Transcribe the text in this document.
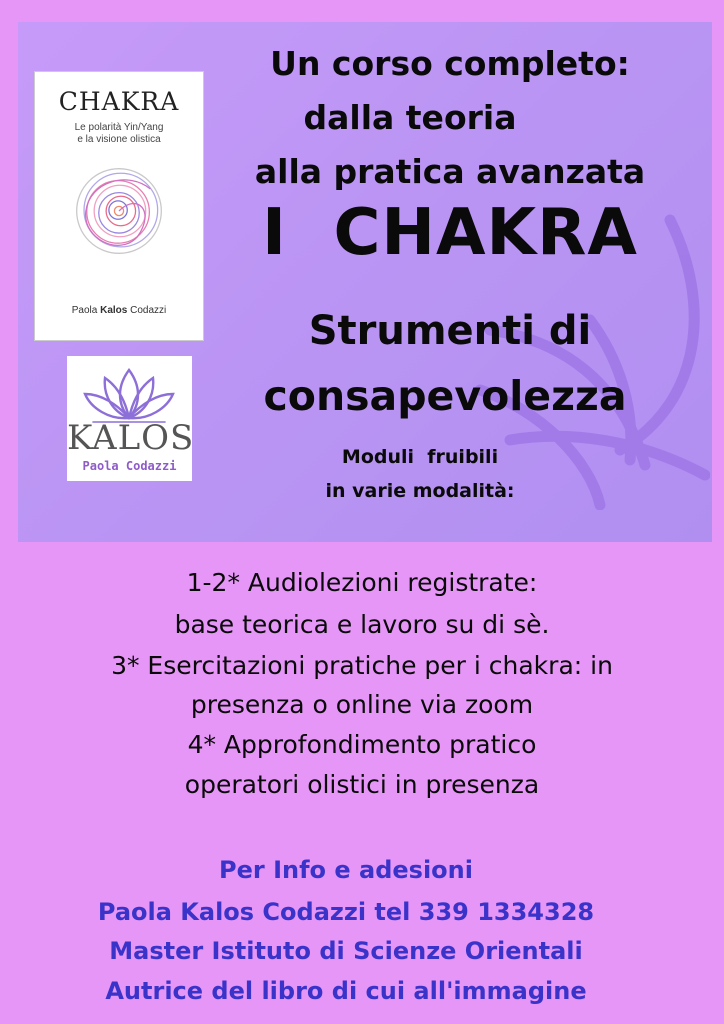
CHAKRA
Le polarità Yin/Yang
e la visione olistica
Paola Kalos Codazzi
KALOS
Paola Codazzi
Un corso completo:
dalla teoria
alla pratica avanzata
I  CHAKRA
Strumenti di
consapevolezza
Moduli  fruibili
in varie modalità:
1-2* Audiolezioni registrate:
base teorica e lavoro su di sè.
3* Esercitazioni pratiche per i chakra: in
presenza o online via zoom
4* Approfondimento pratico
operatori olistici in presenza
Per Info e adesioni
Paola Kalos Codazzi tel 339 1334328
Master Istituto di Scienze Orientali
Autrice del libro di cui all'immagine
